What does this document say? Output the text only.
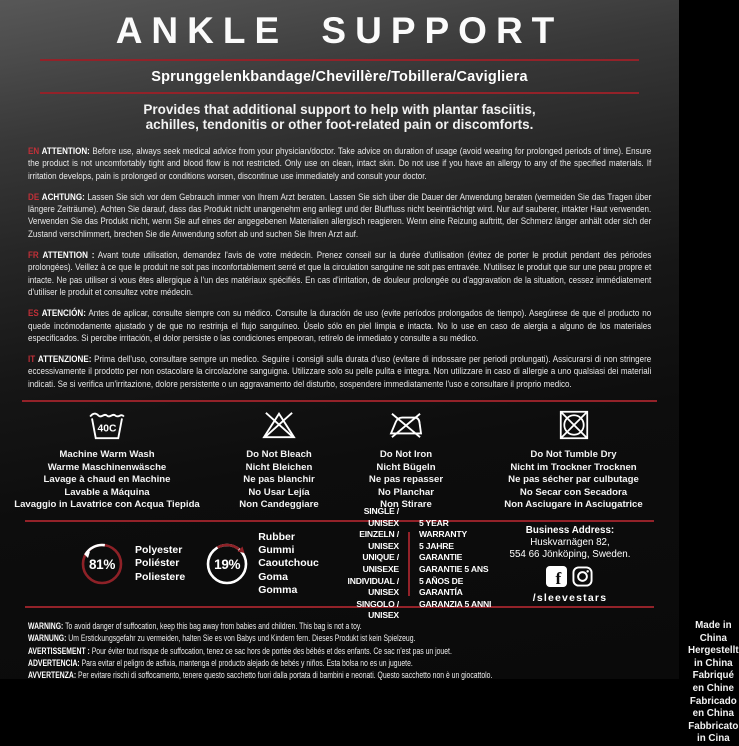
ANKLE SUPPORT
Sprunggelenkbandage/Chevillère/Tobillera/Cavigliera
Provides that additional support to help with plantar fasciitis,
achilles, tendonitis or other foot-related pain or discomforts.
EN ATTENTION: Before use, always seek medical advice from your physician/doctor. Take advice on duration of usage (avoid wearing for prolonged periods of time). Ensure the product is not uncomfortably tight and blood flow is not restricted. Only use on clean, intact skin. Do not use if you have an allergy to any of the specified materials. If irritation develops, pain is prolonged or conditions worsen, discontinue use immediately and consult your doctor.
DE ACHTUNG: Lassen Sie sich vor dem Gebrauch immer von Ihrem Arzt beraten. Lassen Sie sich über die Dauer der Anwendung beraten (vermeiden Sie das Tragen über längere Zeiträume). Achten Sie darauf, dass das Produkt nicht unangenehm eng anliegt und der Blutfluss nicht beeinträchtigt wird. Nur auf sauberer, intakter Haut verwenden. Verwenden Sie das Produkt nicht, wenn Sie auf eines der angegebenen Materialien allergisch reagieren. Wenn eine Reizung auftritt, der Schmerz länger anhält oder sich der Zustand verschlimmert, brechen Sie die Anwendung sofort ab und suchen Sie Ihren Arzt auf.
FR ATTENTION : Avant toute utilisation, demandez l'avis de votre médecin. Prenez conseil sur la durée d'utilisation (évitez de porter le produit pendant des périodes prolongées). Veillez à ce que le produit ne soit pas inconfortablement serré et que la circulation sanguine ne soit pas entravée. N'utilisez le produit que sur une peau propre et intacte. Ne pas utiliser si vous êtes allergique à l'un des matériaux spécifiés. En cas d'irritation, de douleur prolongée ou d'aggravation de la situation, cessez immédiatement d'utiliser le produit et consultez votre médecin.
ES ATENCIÓN: Antes de aplicar, consulte siempre con su médico. Consulte la duración de uso (evite períodos prolongados de tiempo). Asegúrese de que el producto no quede incómodamente ajustado y de que no restrinja el flujo sanguíneo. Úselo sólo en piel limpia e intacta. No lo use en caso de alergia a alguno de los materiales especificados. Si percibe irritación, el dolor persiste o las condiciones empeoran, retírelo de inmediato y consulte a su médico.
IT ATTENZIONE: Prima dell'uso, consultare sempre un medico. Seguire i consigli sulla durata d'uso (evitare di indossare per periodi prolungati). Assicurarsi di non stringere eccessivamente il prodotto per non ostacolare la circolazione sanguigna. Utilizzare solo su pelle pulita e integra. Non utilizzare in caso di allergie a uno qualsiasi dei materiali indicati. Se si verifica un'irritazione, dolore persistente o un aggravamento del disturbo, sospendere immediatamente l'uso e consultare il proprio medico.
40C
Machine Warm Wash
Warme Maschinenwäsche
Lavage à chaud en Machine
Lavable a Máquina
Lavaggio in Lavatrice con Acqua Tiepida
Do Not Bleach
Nicht Bleichen
Ne pas blanchir
No Usar Lejía
Non Candeggiare
Do Not Iron
Nicht Bügeln
Ne pas repasser
No Planchar
Non Stirare
Do Not Tumble Dry
Nicht im Trockner Trocknen
Ne pas sécher par culbutage
No Secar con Secadora
Non Asciugare in Asciugatrice
81%
Polyester
Poliéster
Poliestere
19%
Rubber
Gummi
Caoutchouc
Goma
Gomma
SINGLE / UNISEX
EINZELN / UNISEX
UNIQUE / UNISEXE
INDIVIDUAL / UNISEX
SINGOLO / UNISEX
5 YEAR WARRANTY
5 JAHRE GARANTIE
GARANTIE 5 ANS
5 AÑOS DE GARANTÍA
GARANZIA 5 ANNI
Business Address: Huskvarnägen 82,
554 66 Jönköping, Sweden.
f
/sleevestars
WARNING: To avoid danger of suffocation, keep this bag away from babies and children. This bag is not a toy.
WARNUNG: Um Erstickungsgefahr zu vermeiden, halten Sie es von Babys und Kindern fern. Dieses Produkt ist kein Spielzeug.
AVERTISSEMENT : Pour éviter tout risque de suffocation, tenez ce sac hors de portée des bébés et des enfants. Ce sac n'est pas un jouet.
ADVERTENCIA: Para evitar el peligro de asfixia, mantenga el producto alejado de bebés y niños. Esta bolsa no es un juguete.
AVVERTENZA: Per evitare rischi di soffocamento, tenere questo sacchetto fuori dalla portata di bambini e neonati. Questo sacchetto non è un giocattolo.
Made in China
Hergestellt in China
Fabriqué en Chine
Fabricado en China
Fabbricato in Cina
